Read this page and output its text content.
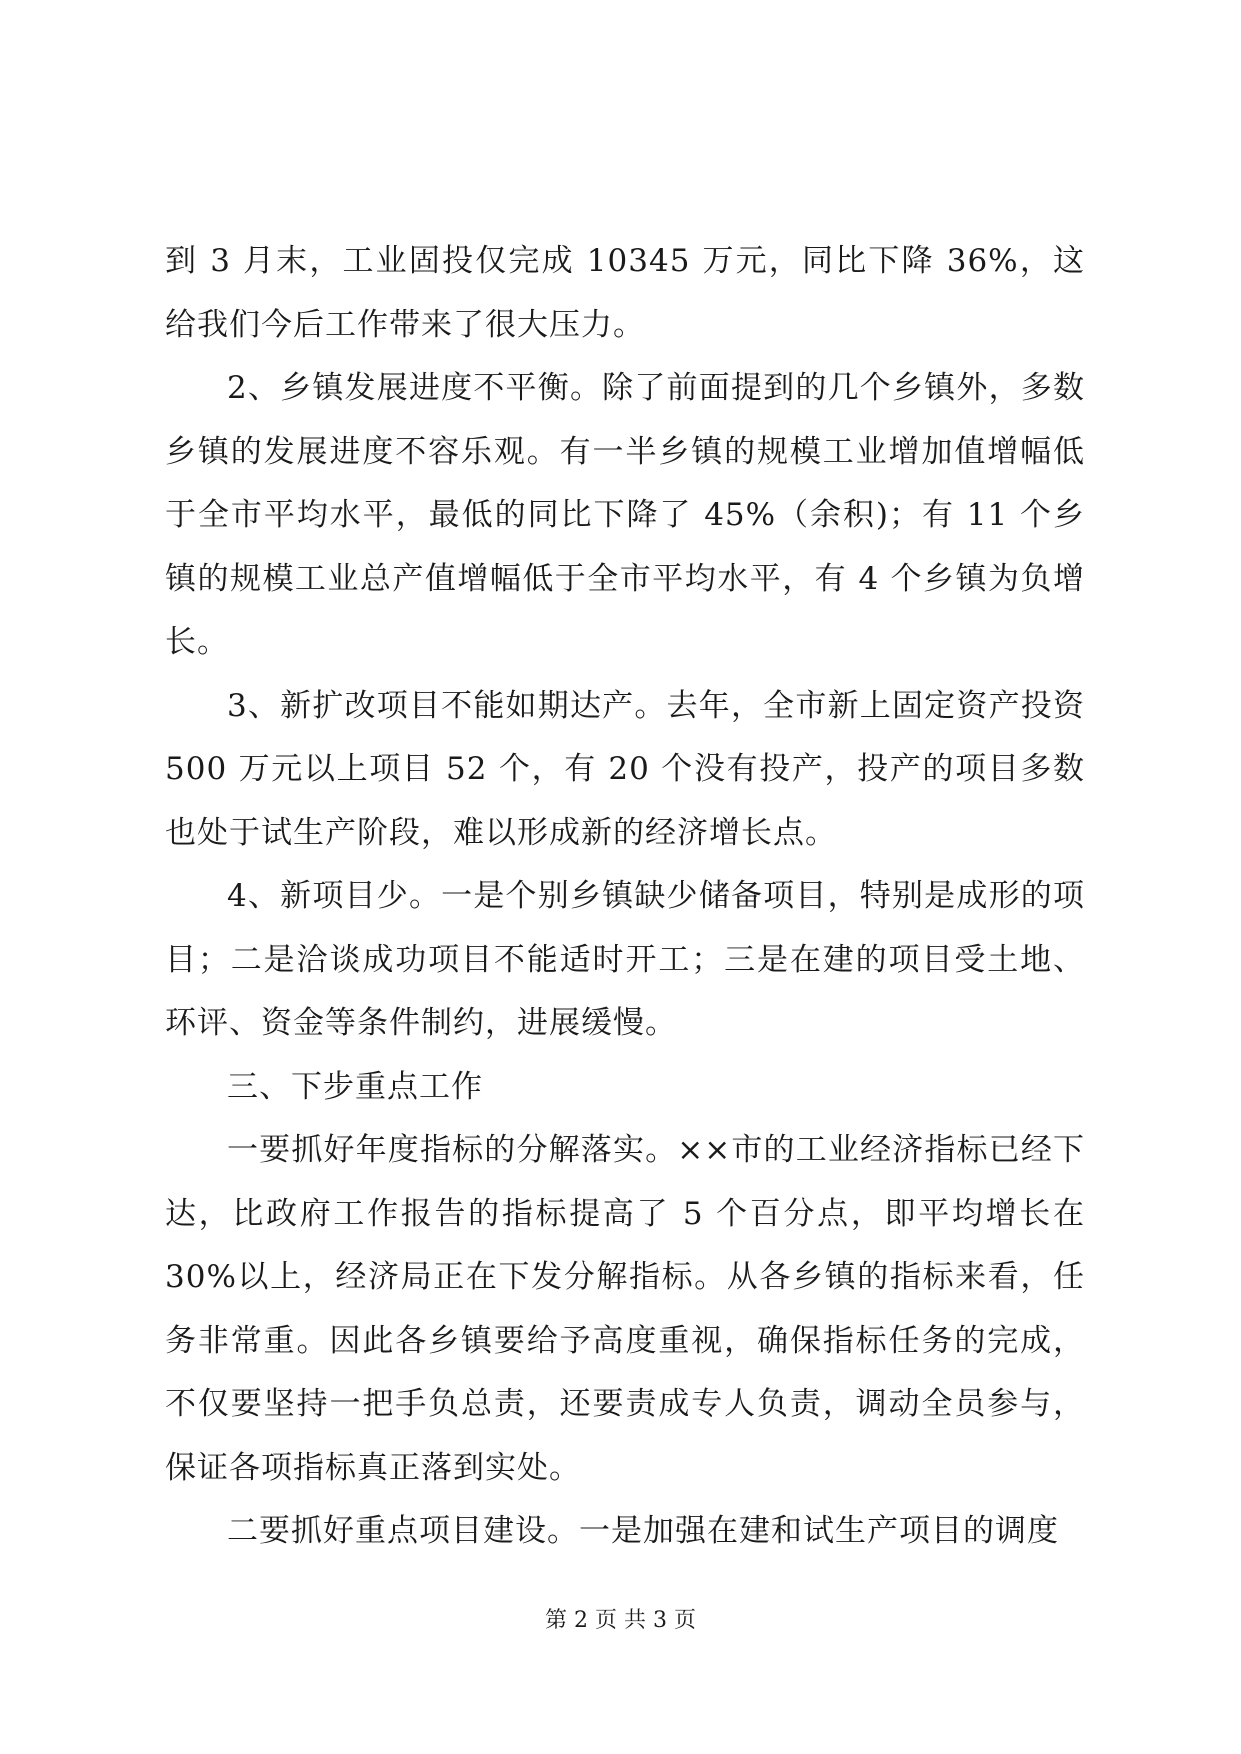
到 3 月末，工业固投仅完成 10345 万元，同比下降 36%，这给我们今后工作带来了很大压力。

2、乡镇发展进度不平衡。除了前面提到的几个乡镇外，多数乡镇的发展进度不容乐观。有一半乡镇的规模工业增加值增幅低于全市平均水平，最低的同比下降了 45%（余积)；有 11 个乡镇的规模工业总产值增幅低于全市平均水平，有 4 个乡镇为负增长。

3、新扩改项目不能如期达产。去年，全市新上固定资产投资 500 万元以上项目 52 个，有 20 个没有投产，投产的项目多数也处于试生产阶段，难以形成新的经济增长点。

4、新项目少。一是个别乡镇缺少储备项目，特别是成形的项目；二是洽谈成功项目不能适时开工；三是在建的项目受土地、环评、资金等条件制约，进展缓慢。

三、下步重点工作

一要抓好年度指标的分解落实。××市的工业经济指标已经下达，比政府工作报告的指标提高了 5 个百分点，即平均增长在 30%以上，经济局正在下发分解指标。从各乡镇的指标来看，任务非常重。因此各乡镇要给予高度重视，确保指标任务的完成，不仅要坚持一把手负总责，还要责成专人负责，调动全员参与，保证各项指标真正落到实处。

二要抓好重点项目建设。一是加强在建和试生产项目的调度

第 2 页 共 3 页
